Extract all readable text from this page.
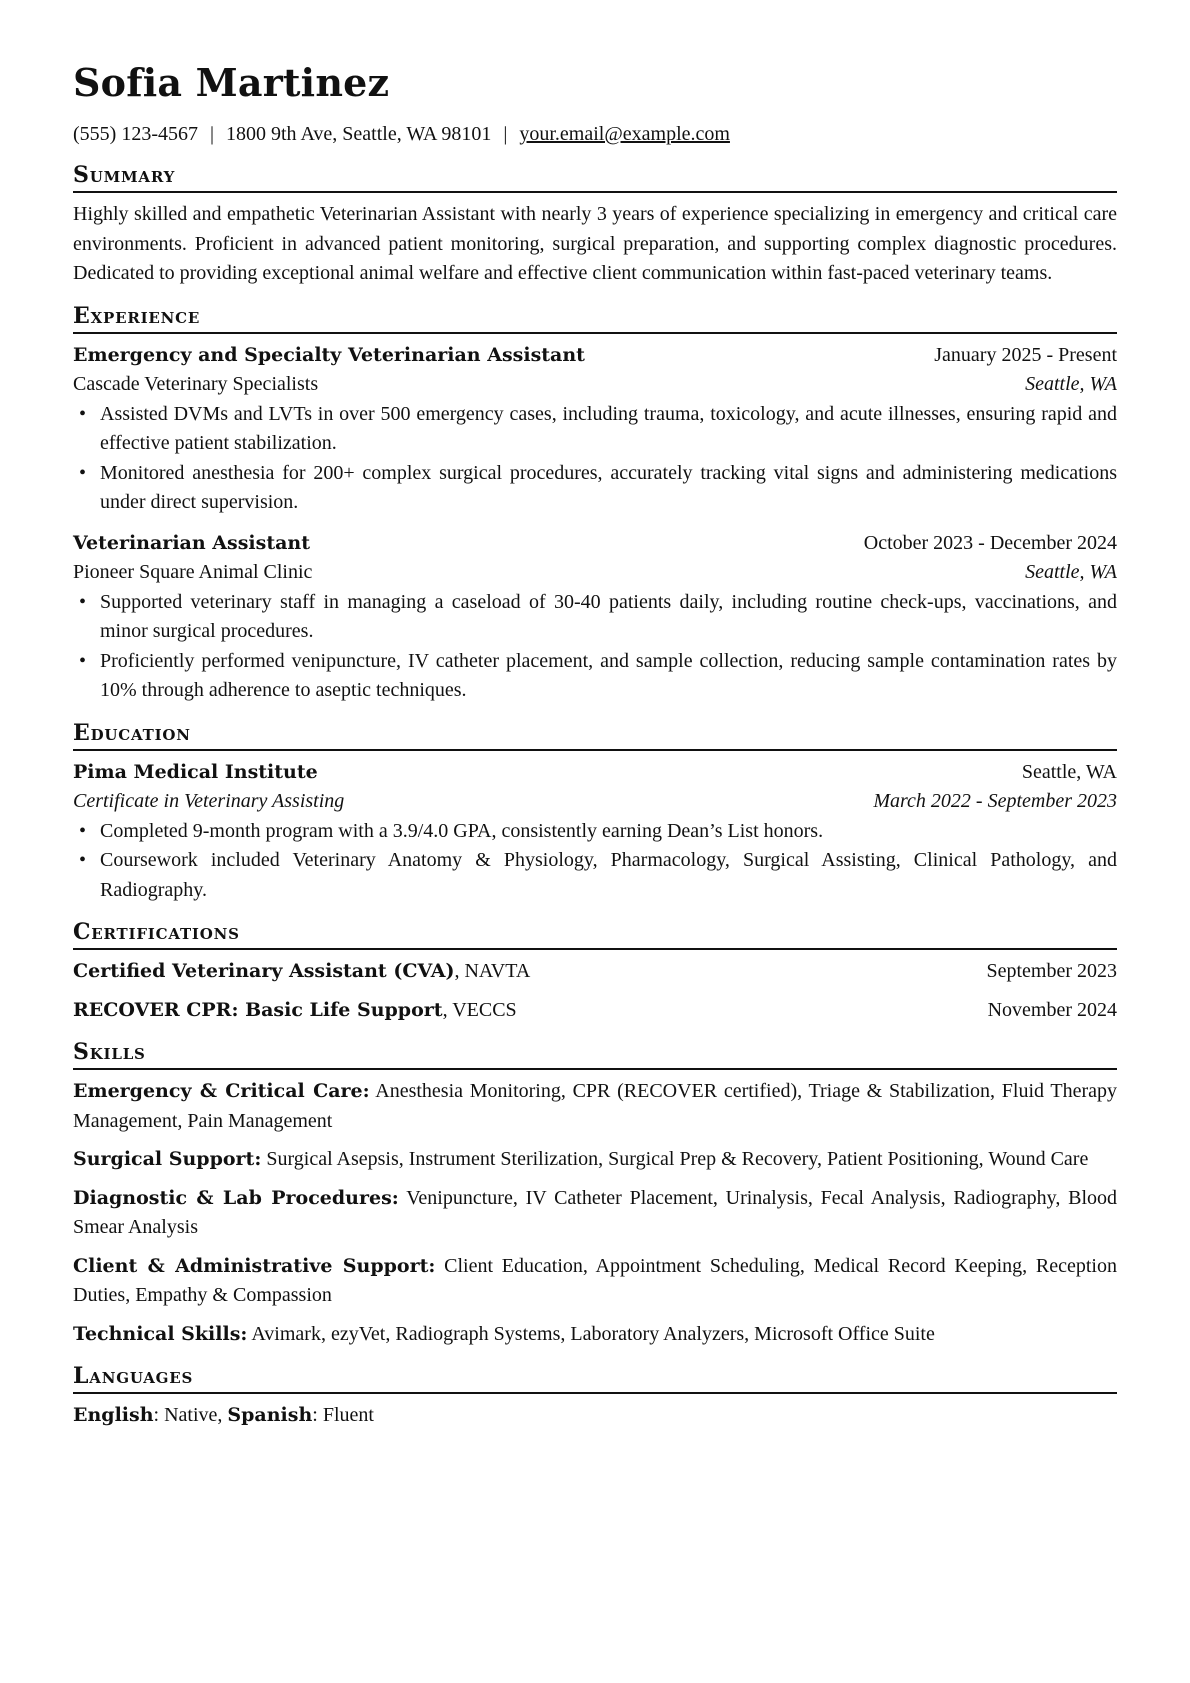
Sofia Martinez
(555) 123-4567 | 1800 9th Ave, Seattle, WA 98101 | your.email@example.com
Summary

Highly skilled and empathetic Veterinarian Assistant with nearly 3 years of experience specializing in emergency and critical care environments. Proficient in advanced patient monitoring, surgical preparation, and supporting complex diagnostic procedures. Dedicated to providing exceptional animal welfare and effective client communication within fast-paced veterinary teams.

Experience
Emergency and Specialty Veterinarian Assistant	January 2025 - Present
Cascade Veterinary Specialists	Seattle, WA
• Assisted DVMs and LVTs in over 500 emergency cases, including trauma, toxicology, and acute illnesses, ensuring rapid and effective patient stabilization.
• Monitored anesthesia for 200+ complex surgical procedures, accurately tracking vital signs and administering medications under direct supervision.
Veterinarian Assistant	October 2023 - December 2024
Pioneer Square Animal Clinic	Seattle, WA
• Supported veterinary staff in managing a caseload of 30-40 patients daily, including routine check-ups, vaccinations, and minor surgical procedures.
• Proficiently performed venipuncture, IV catheter placement, and sample collection, reducing sample contamination rates by 10% through adherence to aseptic techniques.
Education
Pima Medical Institute	Seattle, WA
Certificate in Veterinary Assisting	March 2022 - September 2023
• Completed 9-month program with a 3.9/4.0 GPA, consistently earning Dean’s List honors.
• Coursework included Veterinary Anatomy & Physiology, Pharmacology, Surgical Assisting, Clinical Pathology, and Radiography.
Certifications
Certified Veterinary Assistant (CVA), NAVTA	September 2023
RECOVER CPR: Basic Life Support, VECCS	November 2024
Skills

Emergency & Critical Care: Anesthesia Monitoring, CPR (RECOVER certified), Triage & Stabilization, Fluid Therapy Management, Pain Management

Surgical Support: Surgical Asepsis, Instrument Sterilization, Surgical Prep & Recovery, Patient Positioning, Wound Care

Diagnostic & Lab Procedures: Venipuncture, IV Catheter Placement, Urinalysis, Fecal Analysis, Radiography, Blood Smear Analysis

Client & Administrative Support: Client Education, Appointment Scheduling, Medical Record Keeping, Reception Duties, Empathy & Compassion

Technical Skills: Avimark, ezyVet, Radiograph Systems, Laboratory Analyzers, Microsoft Office Suite

Languages
English: Native, Spanish: Fluent
